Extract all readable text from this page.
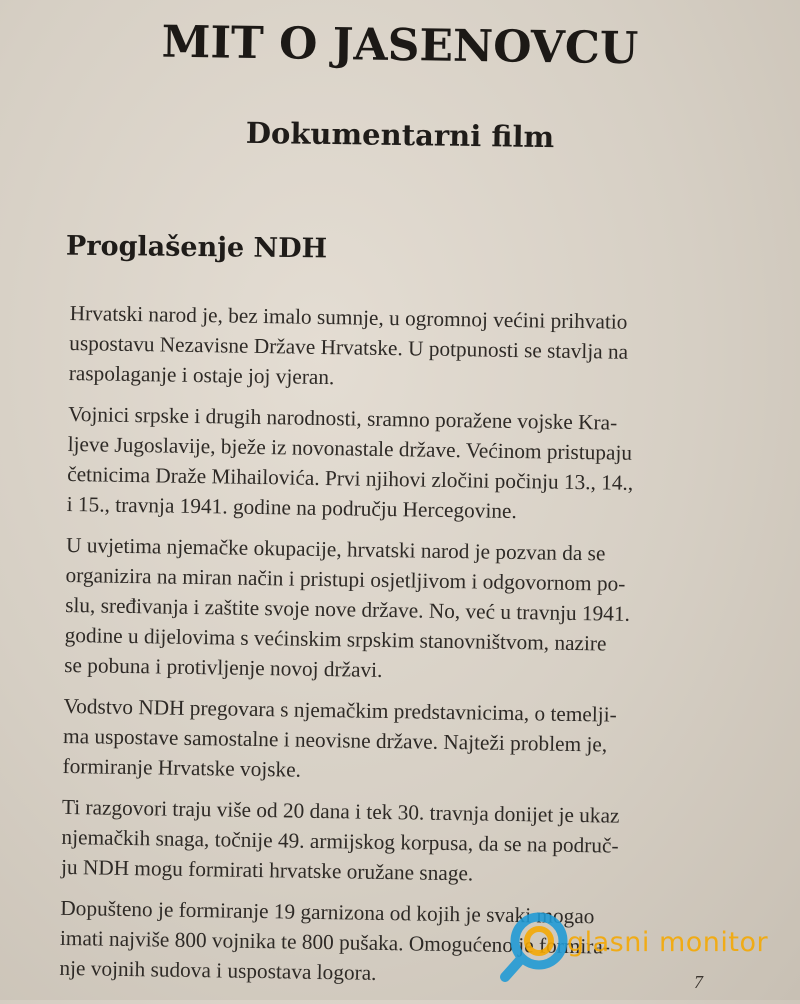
MIT O JASENOVCU
Dokumentarni film
Proglašenje NDH

Hrvatski narod je, bez imalo sumnje, u ogromnoj većini prihvatio
uspostavu Nezavisne Države Hrvatske. U potpunosti se stavlja na
raspolaganje i ostaje joj vjeran.

Vojnici srpske i drugih narodnosti, sramno poražene vojske Kra-
ljeve Jugoslavije, bježe iz novonastale države. Većinom pristupaju
četnicima Draže Mihailovića. Prvi njihovi zločini počinju 13., 14.,
i 15., travnja 1941. godine na području Hercegovine.

U uvjetima njemačke okupacije, hrvatski narod je pozvan da se
organizira na miran način i pristupi osjetljivom i odgovornom po-
slu, sređivanja i zaštite svoje nove države. No, već u travnju 1941.
godine u dijelovima s većinskim srpskim stanovništvom, nazire
se pobuna i protivljenje novoj državi.

Vodstvo NDH pregovara s njemačkim predstavnicima, o temelji-
ma uspostave samostalne i neovisne države. Najteži problem je,
formiranje Hrvatske vojske.

Ti razgovori traju više od 20 dana i tek 30. travnja donijet je ukaz
njemačkih snaga, točnije 49. armijskog korpusa, da se na područ-
ju NDH mogu formirati hrvatske oružane snage.

Dopušteno je formiranje 19 garnizona od kojih je svaki mogao
imati najviše 800 vojnika te 800 pušaka. Omogućeno je formira-
nje vojnih sudova i uspostava logora.	7
glasni monitor
